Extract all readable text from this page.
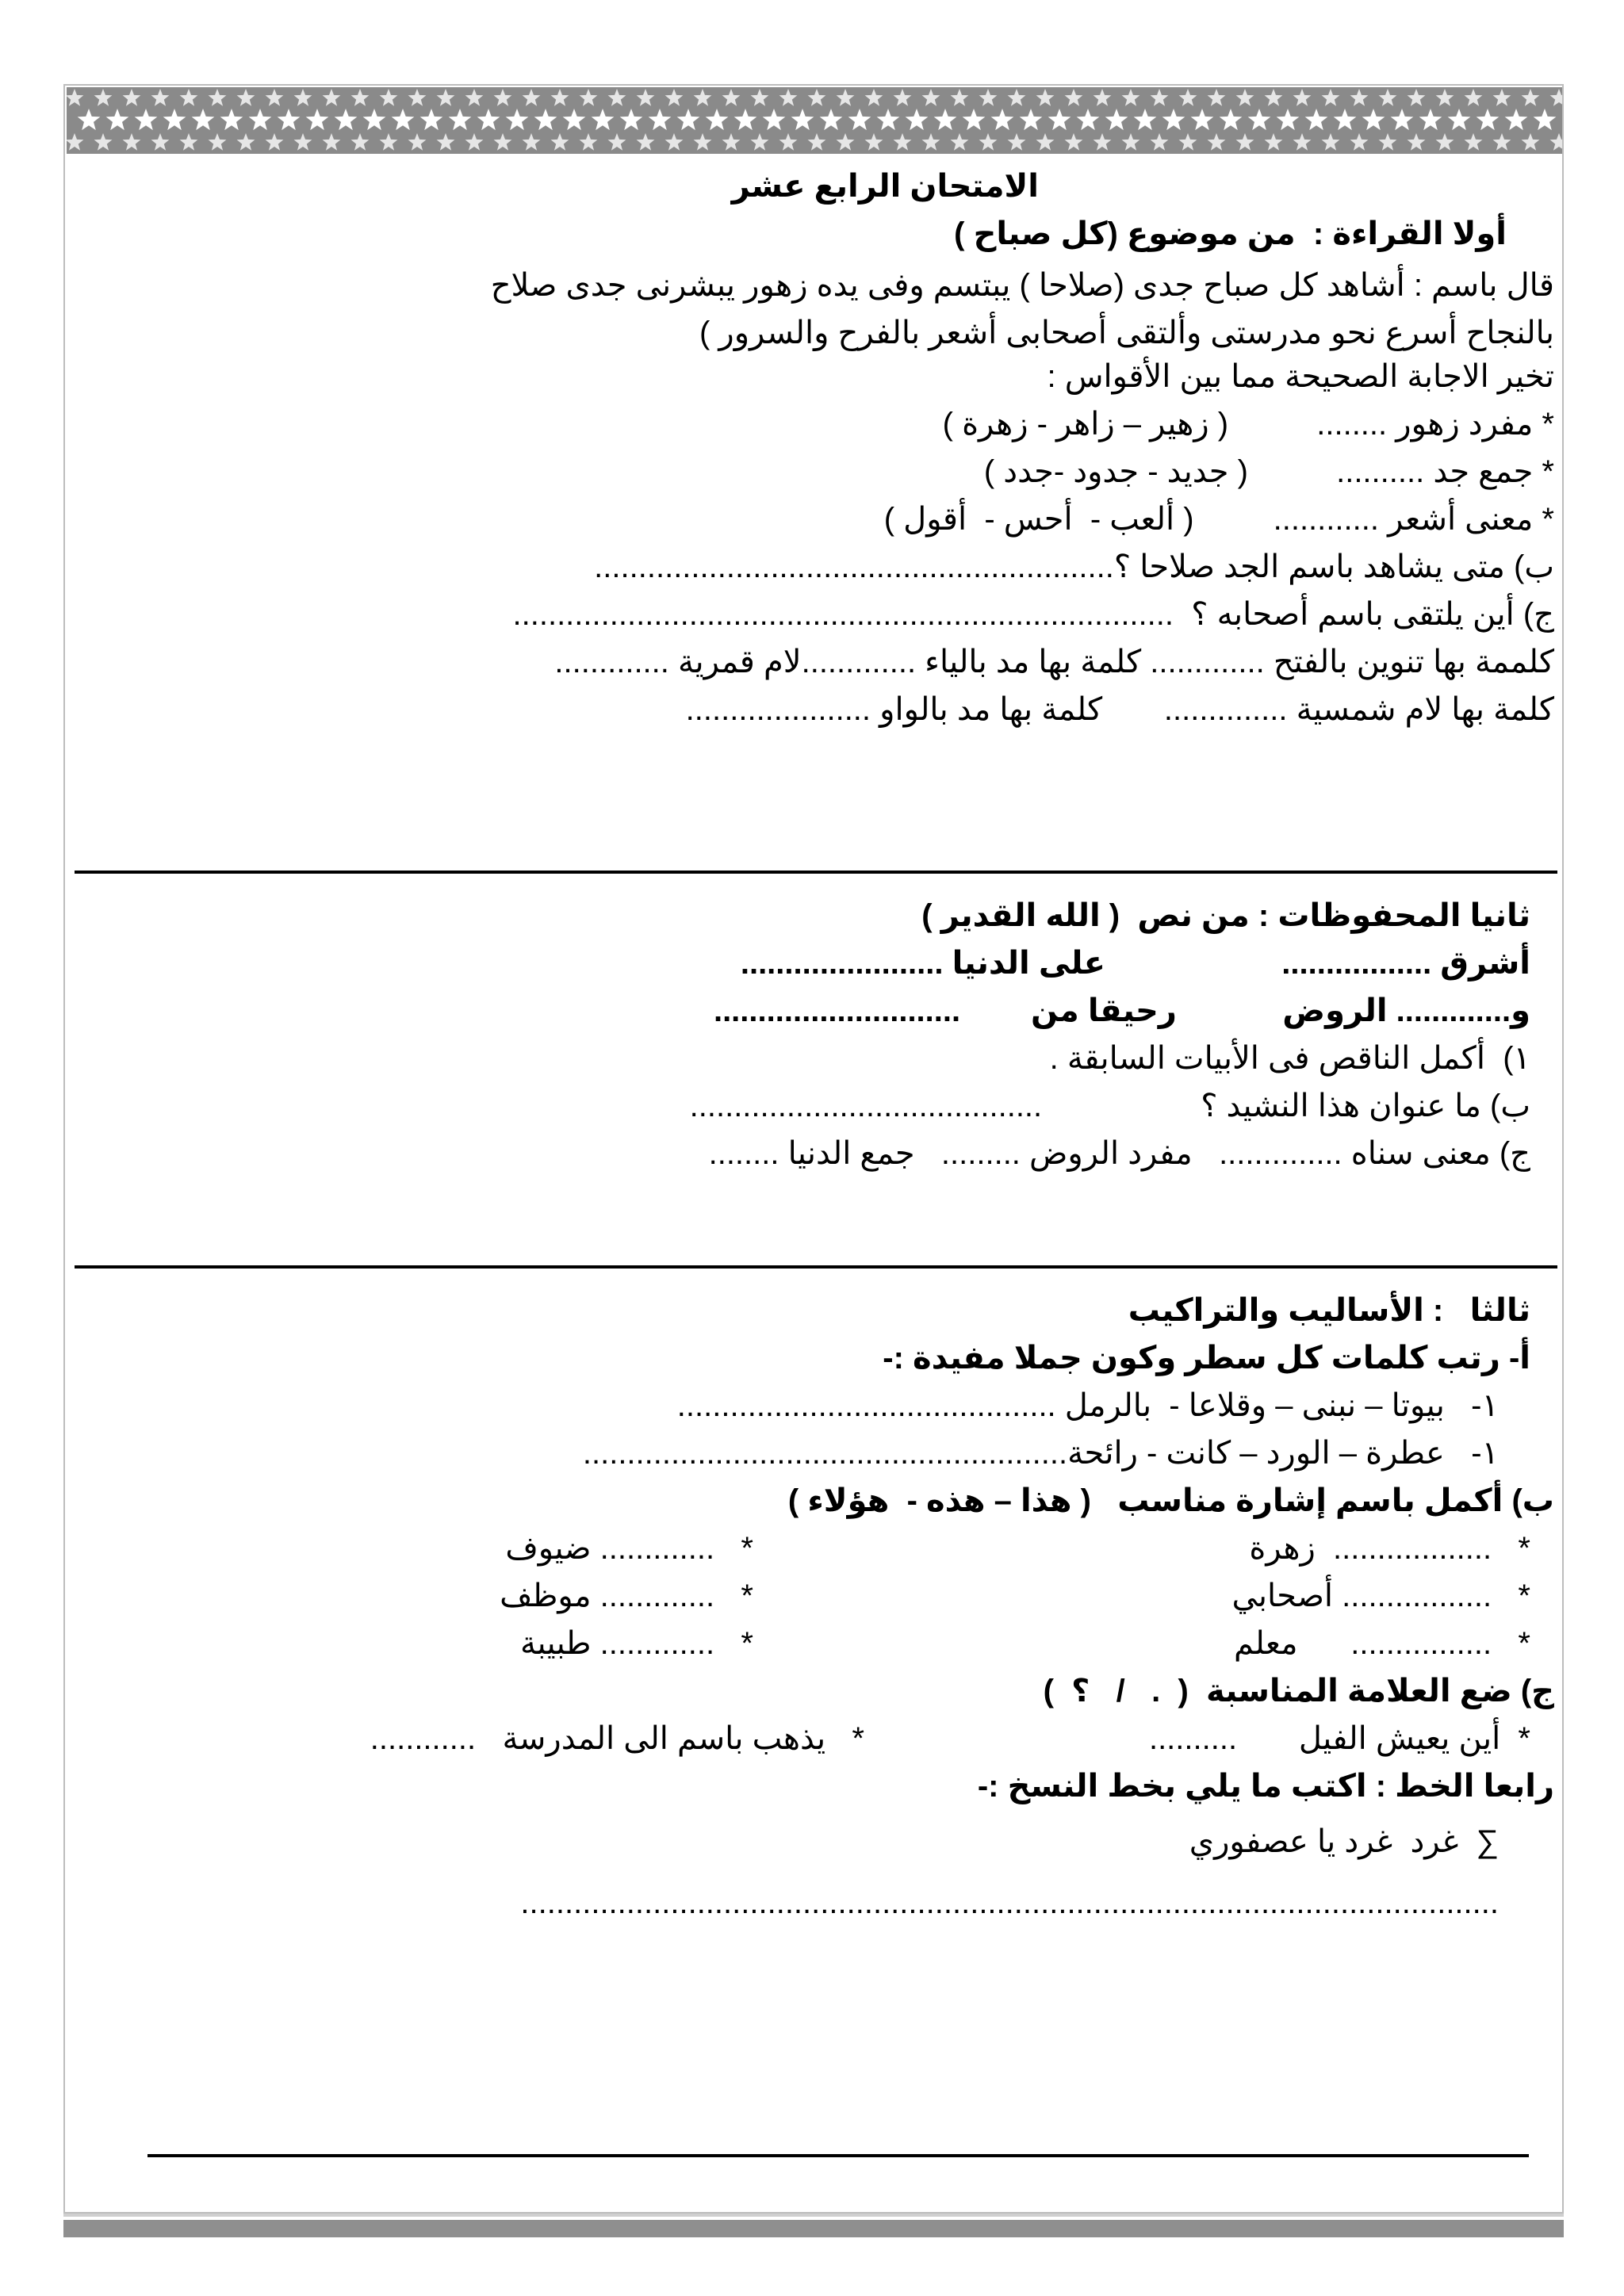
الامتحان الرابع عشر
أولا القراءة :  من موضوع (كل صباح )
قال باسم : أشاهد كل صباح جدى (صلاحا ) يبتسم وفى يده زهور يبشرنى جدى صلاح
بالنجاح أسرع نحو مدرستى وألتقى أصحابى أشعر بالفرح والسرور )
تخير الاجابة الصحيحة مما بين الأقواس :
* مفرد زهور ........          ( زهير – زاهر - زهرة )
* جمع جد ..........          ( جديد - جدود -جدد )
* معنى أشعر ............         ( ألعب -  أحس -  أقول )
ب) متى يشاهد باسم الجد صلاحا ؟...........................................................
ج) أين يلتقى باسم أصحابه ؟  ...........................................................................
كلممة بها تنوين بالفتح ............. كلمة بها مد بالياء .............لام قمرية .............
كلمة بها لام شمسية ..............       كلمة بها مد بالواو .....................
ثانيا المحفوظات : من نص  ( الله القدير )
أشرق .................                    على الدنيا .......................
و............. الروض            رحيقا من        ............................
١)  أكمل الناقص فى الأبيات السابقة .
ب) ما عنوان هذا النشيد ؟                  ........................................
ج) معنى سناه ..............   مفرد الروض .........   جمع الدنيا ........
ثالثا   : الأساليب والتراكيب
أ- رتب كلمات كل سطر وكون جملا مفيدة :-
١-   بيوتا – نبنى – وقلاعا -  بالرمل ...........................................
١-   عطرة – الورد – كانت - رائحة.......................................................
ب) أكمل باسم إشارة مناسب   ( هذا – هذه -  هؤلاء )
*   ..................  زهرة
*   ............. ضيوف
*   ................. أصحابي
*   ............. موظف
*   ................      معلم
*   ............. طبيبة
ج) ضع العلامة المناسبة  (  .   /   ؟  )
*  أين يعيش الفيل       ..........
*   يذهب باسم الى المدرسة   ............
رابعا الخط : اكتب ما يلي بخط النسخ :-
∑  غرد  غرد يا عصفوري
...............................................................................................................
